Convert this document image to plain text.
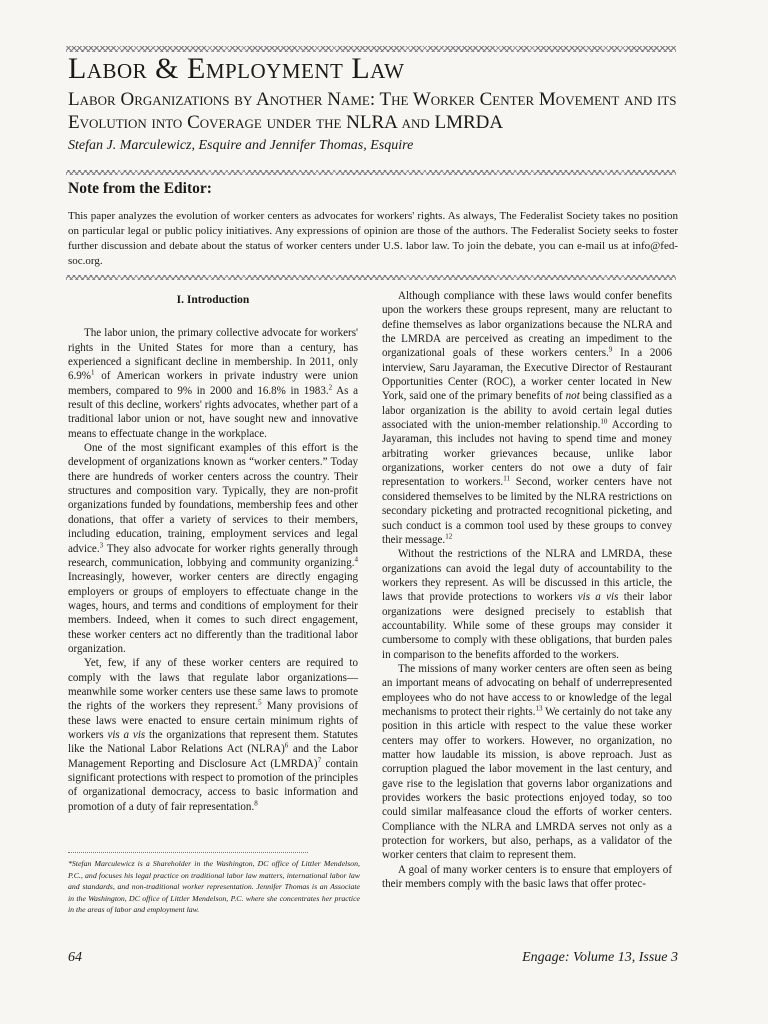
Labor & Employment Law
Labor Organizations by Another Name: The Worker Center Movement and its Evolution into Coverage under the NLRA and LMRDA
Stefan J. Marculewicz, Esquire and Jennifer Thomas, Esquire
Note from the Editor:

This paper analyzes the evolution of worker centers as advocates for workers' rights. As always, The Federalist Society takes no position on particular legal or public policy initiatives. Any expressions of opinion are those of the authors. The Federalist Society seeks to foster further discussion and debate about the status of worker centers under U.S. labor law. To join the debate, you can e-mail us at info@fed-soc.org.

I. Introduction

The labor union, the primary collective advocate for workers' rights in the United States for more than a century, has experienced a significant decline in membership. In 2011, only 6.9%$^1$ of American workers in private industry were union members, compared to 9% in 2000 and 16.8% in 1983.$^2$ As a result of this decline, workers' rights advocates, whether part of a traditional labor union or not, have sought new and innovative means to effectuate change in the workplace.

One of the most significant examples of this effort is the development of organizations known as “worker centers.” Today there are hundreds of worker centers across the country. Their structures and composition vary. Typically, they are non-profit organizations funded by foundations, membership fees and other donations, that offer a variety of services to their members, including education, training, employment services and legal advice.$^3$ They also advocate for worker rights generally through research, communication, lobbying and community organizing.$^4$ Increasingly, however, worker centers are directly engaging employers or groups of employers to effectuate change in the wages, hours, and terms and conditions of employment for their members. Indeed, when it comes to such direct engagement, these worker centers act no differently than the traditional labor organization.

Yet, few, if any of these worker centers are required to comply with the laws that regulate labor organizations—meanwhile some worker centers use these same laws to promote the rights of the workers they represent.$^5$ Many provisions of these laws were enacted to ensure certain minimum rights of workers vis a vis the organizations that represent them. Statutes like the National Labor Relations Act (NLRA)$^6$ and the Labor Management Reporting and Disclosure Act (LMRDA)$^7$ contain significant protections with respect to promotion of the principles of organizational democracy, access to basic information and promotion of a duty of fair representation.$^8$

*Stefan Marculewicz is a Shareholder in the Washington, DC office of Littler Mendelson, P.C., and focuses his legal practice on traditional labor law matters, international labor law and standards, and non-traditional worker representation. Jennifer Thomas is an Associate in the Washington, DC office of Littler Mendelson, P.C. where she concentrates her practice in the areas of labor and employment law.

Although compliance with these laws would confer benefits upon the workers these groups represent, many are reluctant to define themselves as labor organizations because the NLRA and the LMRDA are perceived as creating an impediment to the organizational goals of these workers centers.$^9$ In a 2006 interview, Saru Jayaraman, the Executive Director of Restaurant Opportunities Center (ROC), a worker center located in New York, said one of the primary benefits of not being classified as a labor organization is the ability to avoid certain legal duties associated with the union-member relationship.$^{10}$ According to Jayaraman, this includes not having to spend time and money arbitrating worker grievances because, unlike labor organizations, worker centers do not owe a duty of fair representation to workers.$^{11}$ Second, worker centers have not considered themselves to be limited by the NLRA restrictions on secondary picketing and protracted recognitional picketing, and such conduct is a common tool used by these groups to convey their message.$^{12}$

Without the restrictions of the NLRA and LMRDA, these organizations can avoid the legal duty of accountability to the workers they represent. As will be discussed in this article, the laws that provide protections to workers vis a vis their labor organizations were designed precisely to establish that accountability. While some of these groups may consider it cumbersome to comply with these obligations, that burden pales in comparison to the benefits afforded to the workers.

The missions of many worker centers are often seen as being an important means of advocating on behalf of underrepresented employees who do not have access to or knowledge of the legal mechanisms to protect their rights.$^{13}$ We certainly do not take any position in this article with respect to the value these worker centers may offer to workers. However, no organization, no matter how laudable its mission, is above reproach. Just as corruption plagued the labor movement in the last century, and gave rise to the legislation that governs labor organizations and provides workers the basic protections enjoyed today, so too could similar malfeasance cloud the efforts of worker centers. Compliance with the NLRA and LMRDA serves not only as a protection for workers, but also, perhaps, as a validator of the worker centers that claim to represent them.

A goal of many worker centers is to ensure that employers of their members comply with the basic laws that offer protec-

64	Engage: Volume 13, Issue 3
